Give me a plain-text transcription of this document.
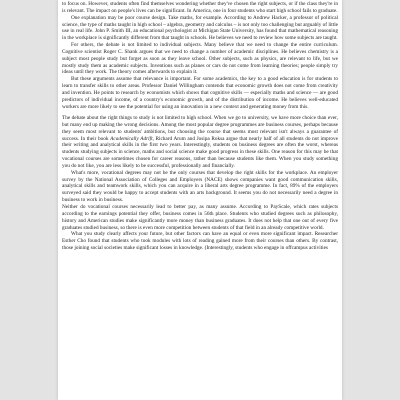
to focus on. However, students often find themselves wondering whether they've chosen the right subjects, or if the class they're in is relevant. The impact on people's lives can be significant. In America, one in four students who start high school fails to graduate.

One explanation may be poor course design. Take maths, for example. According to Andrew Hacker, a professor of political science, the type of maths taught in high school – algebra, geometry and calculus – is not only too challenging but arguably of little use in real life. John P. Smith III, an educational psychologist at Michigan State University, has found that mathematical reasoning in the workplace is significantly different from that taught in schools. He believes we need to review how some subjects are taught.

For others, the debate is not limited to individual subjects. Many believe that we need to change the entire curriculum. Cognitive scientist Roger C. Shank argues that we need to change a number of academic disciplines. He believes chemistry is a subject most people study but forget as soon as they leave school. Other subjects, such as physics, are relevant to life, but we mostly study them as academic subjects. Inventions such as planes or cars do not come from learning theories; people simply try ideas until they work. The theory comes afterwards to explain it.

But these arguments assume that relevance is important. For some academics, the key to a good education is for students to learn to transfer skills to other areas. Professor Daniel Willingham contends that economic growth does not come from creativity and invention. He points to research by economists which shows that cognitive skills — especially maths and science — are good predictors of individual income, of a country's economic growth, and of the distribution of income. He believes well-educated workers are more likely to see the potential for using an innovation in a new context and generating money from this.

The debate about the right things to study is not limited to high school. When we go to university, we have more choice than ever, but many end up making the wrong decisions. Among the most popular degree programmes are business courses, perhaps because they seem most relevant to students' ambitions, but choosing the course that seems most relevant isn't always a guarantee of success. In their book Academically Adrift, Richard Arum and Josipa Roksa argue that nearly half of all students do not improve their writing and analytical skills in the first two years. Interestingly, students on business degrees are often the worst, whereas students studying subjects in science, maths and social science make good progress in these skills. One reason for this may be that vocational courses are sometimes chosen for career reasons, rather than because students like them. When you study something you do not like, you are less likely to be successful, professionally and financially.

What's more, vocational degrees may not be the only courses that develop the right skills for the workplace. An employer survey by the National Association of Colleges and Employers (NACE) shows companies want good communication skills, analytical skills and teamwork skills, which you can acquire in a liberal arts degree programme. In fact, 89% of the employers surveyed said they would be happy to accept students with an arts background. It seems you do not necessarily need a degree in business to work in business.

Neither do vocational courses necessarily lead to better pay, as many assume. According to PayScale, which rates subjects according to the earnings potential they offer, business comes in 56th place. Students who studied degrees such as philosophy, history and American studies make significantly more money than business graduates. It does not help that one out of every five graduates studied business, so there is even more competition between students of that field in an already competitive world.

What you study clearly affects your future, but other factors can have an equal or even more significant impact. Researcher Esther Cho found that students who took modules with lots of reading gained more from their courses than others. By contrast, those joining social societies make significant losses in knowledge. (Interestingly, students who engage in offcampus activities
